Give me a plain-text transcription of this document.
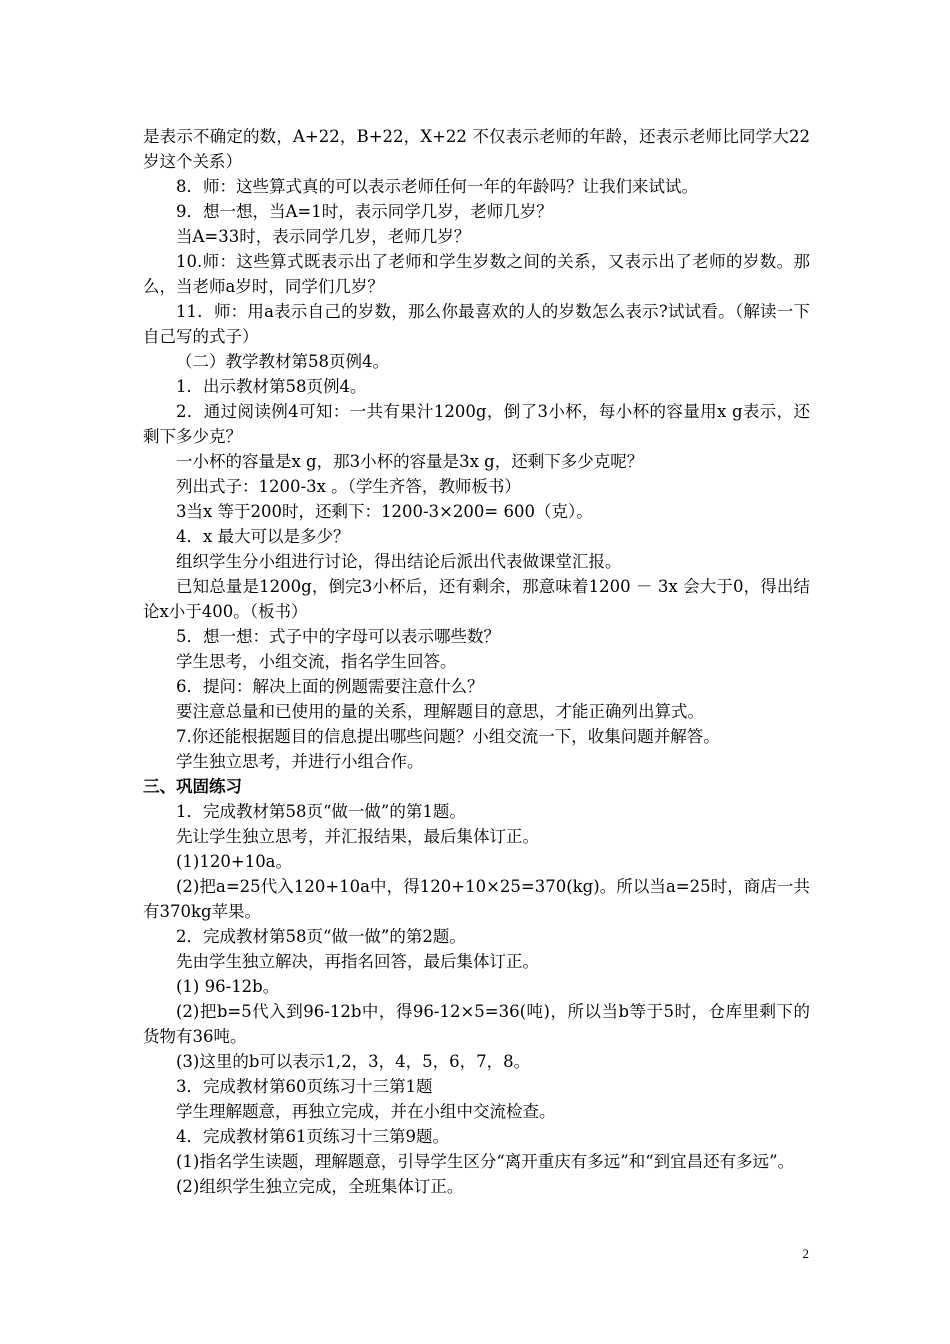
是表示不确定的数，A+22，B+22，X+22 不仅表示老师的年龄，还表示老师比同学大22 岁这个关系）

8．师：这些算式真的可以表示老师任何一年的年龄吗？让我们来试试。

9．想一想，当A=1时，表示同学几岁，老师几岁？

当A=33时，表示同学几岁，老师几岁？

10.师：这些算式既表示出了老师和学生岁数之间的关系，又表示出了老师的岁数。那么，当老师a岁时，同学们几岁？

11．师：用a表示自己的岁数，那么你最喜欢的人的岁数怎么表示?试试看。（解读一下自己写的式子）

（二）教学教材第58页例4。

1．出示教材第58页例4。

2．通过阅读例4可知：一共有果汁1200g，倒了3小杯，每小杯的容量用x g表示，还剩下多少克？

一小杯的容量是x g，那3小杯的容量是3x g，还剩下多少克呢？

列出式子：1200-3x 。（学生齐答，教师板书）

3当x 等于200时，还剩下：1200-3×200= 600（克）。

4．x 最大可以是多少？

组织学生分小组进行讨论，得出结论后派出代表做课堂汇报。

已知总量是1200g，倒完3小杯后，还有剩余，那意味着1200 － 3x 会大于0，得出结论x小于400。（板书）

5．想一想：式子中的字母可以表示哪些数？

学生思考，小组交流，指名学生回答。

6．提问：解决上面的例题需要注意什么？

要注意总量和已使用的量的关系，理解题目的意思，才能正确列出算式。

7.你还能根据题目的信息提出哪些问题？小组交流一下，收集问题并解答。

学生独立思考，并进行小组合作。

三、巩固练习

1．完成教材第58页“做一做”的第1题。

先让学生独立思考，并汇报结果，最后集体订正。

(1)120+10a。

(2)把a=25代入120+10a中，得120+10×25=370(kg)。所以当a=25时，商店一共有370kg苹果。

2．完成教材第58页“做一做”的第2题。

先由学生独立解决，再指名回答，最后集体订正。

(1) 96-12b。

(2)把b=5代入到96-12b中，得96-12×5=36(吨)，所以当b等于5时，仓库里剩下的货物有36吨。

(3)这里的b可以表示1,2，3，4，5，6，7，8。

3．完成教材第60页练习十三第1题

学生理解题意，再独立完成，并在小组中交流检查。

4．完成教材第61页练习十三第9题。

(1)指名学生读题，理解题意，引导学生区分“离开重庆有多远”和“到宜昌还有多远”。

(2)组织学生独立完成，全班集体订正。

2
